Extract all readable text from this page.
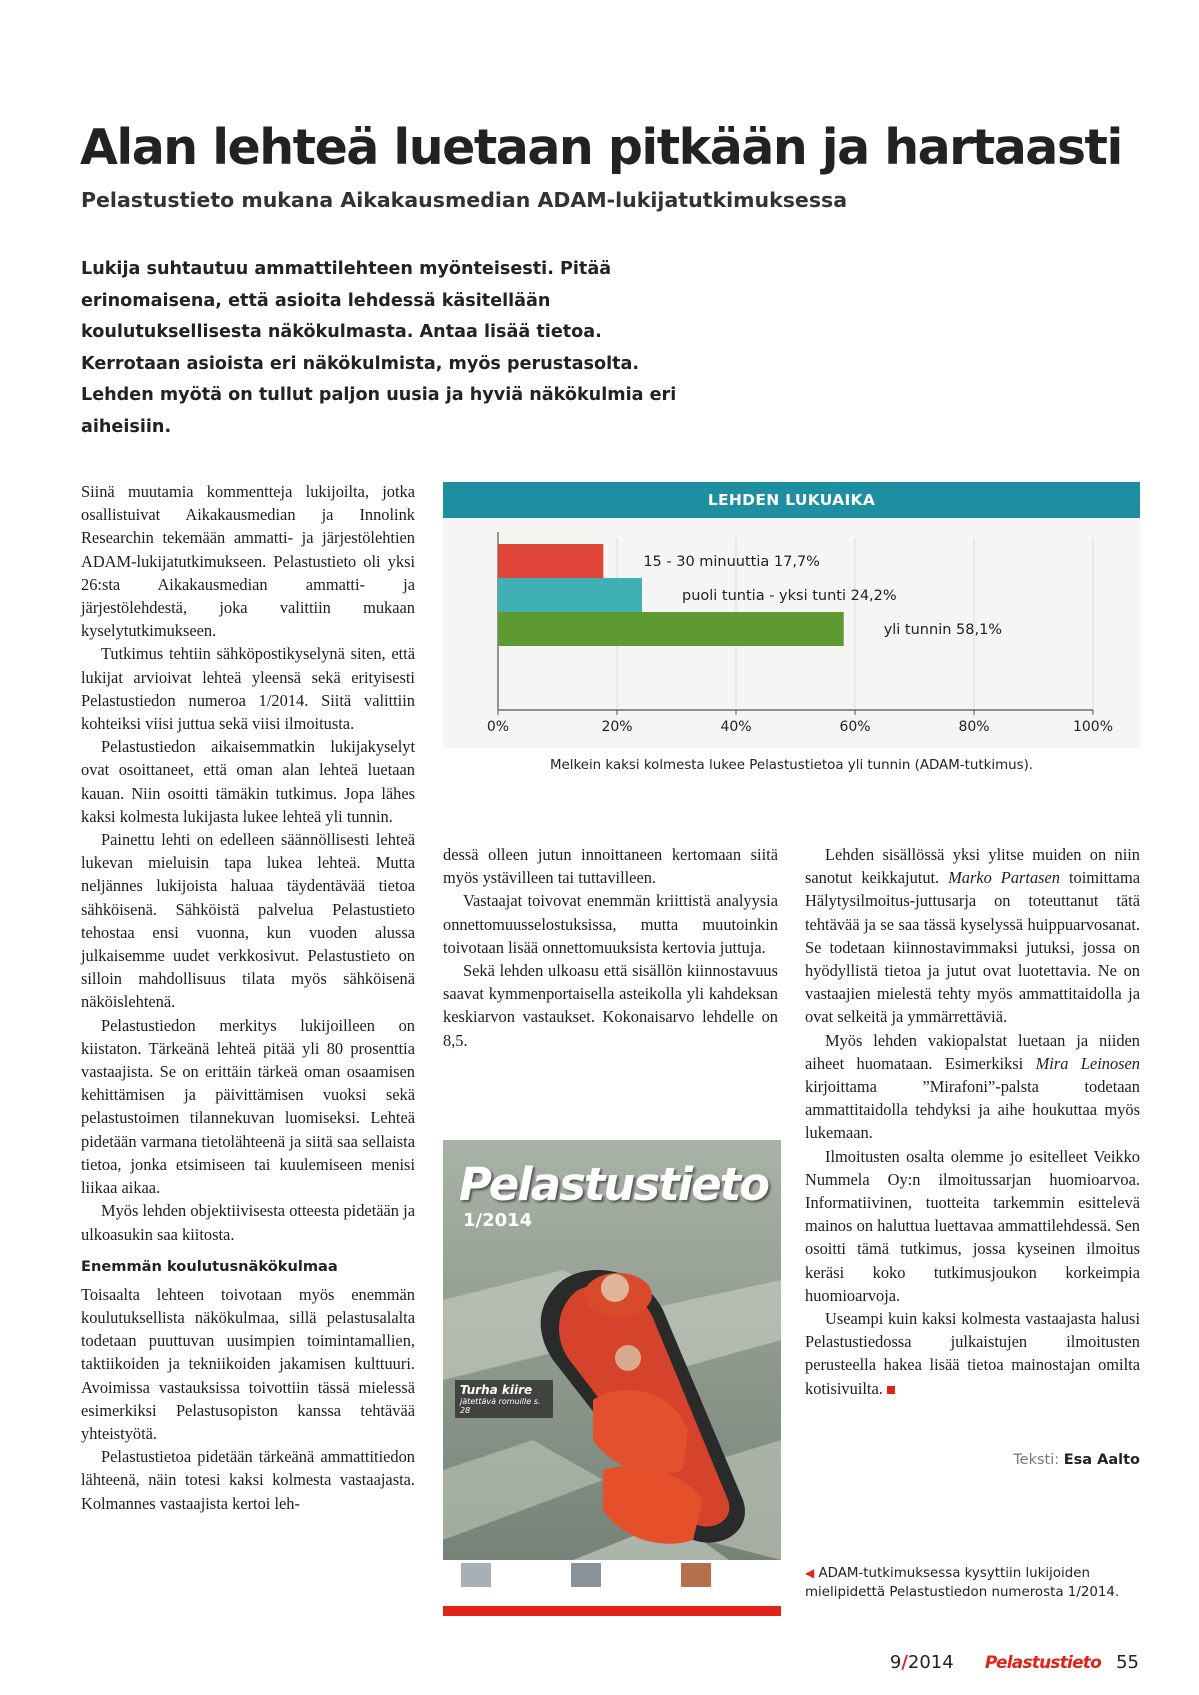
Alan lehteä luetaan pitkään ja hartaasti

Pelastustieto mukana Aikakausmedian ADAM-lukijatutkimuksessa

Lukija suhtautuu ammattilehteen myönteisesti. Pitää erinomaisena, että asioita lehdessä käsitellään koulutuksellisesta näkökulmasta. Antaa lisää tietoa. Kerrotaan asioista eri näkökulmista, myös perustasolta. Lehden myötä on tullut paljon uusia ja hyviä näkökulmia eri aiheisiin.

Siinä muutamia kommentteja lukijoilta, jotka osallistuivat Aikakausmedian ja Innolink Researchin tekemään ammatti- ja järjestölehtien ADAM-lukijatutkimukseen. Pelastustieto oli yksi 26:sta Aikakausmedian ammatti- ja järjestölehdestä, joka valittiin mukaan kyselytutkimukseen.

Tutkimus tehtiin sähköpostikyselynä siten, että lukijat arvioivat lehteä yleensä sekä erityisesti Pelastustiedon numeroa 1/2014. Siitä valittiin kohteiksi viisi juttua sekä viisi ilmoitusta.

Pelastustiedon aikaisemmatkin lukijakyselyt ovat osoittaneet, että oman alan lehteä luetaan kauan. Niin osoitti tämäkin tutkimus. Jopa lähes kaksi kolmesta lukijasta lukee lehteä yli tunnin.

Painettu lehti on edelleen säännöllisesti lehteä lukevan mieluisin tapa lukea lehteä. Mutta neljännes lukijoista haluaa täydentävää tietoa sähköisenä. Sähköistä palvelua Pelastustieto tehostaa ensi vuonna, kun vuoden alussa julkaisemme uudet verkkosivut. Pelastustieto on silloin mahdollisuus tilata myös sähköisenä näköislehtenä.

Pelastustiedon merkitys lukijoilleen on kiistaton. Tärkeänä lehteä pitää yli 80 prosenttia vastaajista. Se on erittäin tärkeä oman osaamisen kehittämisen ja päivittämisen vuoksi sekä pelastustoimen tilannekuvan luomiseksi. Lehteä pidetään varmana tietolähteenä ja siitä saa sellaista tietoa, jonka etsimiseen tai kuulemiseen menisi liikaa aikaa.

Myös lehden objektiivisesta otteesta pidetään ja ulkoasukin saa kiitosta.

Enemmän koulutusnäkökulmaa

Toisaalta lehteen toivotaan myös enemmän koulutuksellista näkökulmaa, sillä pelastusalalta todetaan puuttuvan uusimpien toimintamallien, taktiikoiden ja tekniikoiden jakamisen kulttuuri. Avoimissa vastauksissa toivottiin tässä mielessä esimerkiksi Pelastusopiston kanssa tehtävää yhteistyötä.

Pelastustietoa pidetään tärkeänä ammattitiedon lähteenä, näin totesi kaksi kolmesta vastaajasta. Kolmannes vastaajista kertoi leh-

LEHDEN LUKUAIKA
0%	20%	40%	60%	80%	100%
15 - 30 minuuttia 17,7%
puoli tuntia - yksi tunti 24,2%
yli tunnin 58,1%

Melkein kaksi kolmesta lukee Pelastustietoa yli tunnin (ADAM-tutkimus).

dessä olleen jutun innoittaneen kertomaan siitä myös ystävilleen tai tuttavilleen.

Vastaajat toivovat enemmän kriittistä analyysia onnettomuusselostuksissa, mutta muutoinkin toivotaan lisää onnettomuuksista kertovia juttuja.

Sekä lehden ulkoasu että sisällön kiinnostavuus saavat kymmenportaisella asteikolla yli kahdeksan keskiarvon vastaukset. Kokonaisarvo lehdelle on 8,5.

Lehden sisällössä yksi ylitse muiden on niin sanotut keikkajutut. Marko Partasen toimittama Hälytysilmoitus-juttusarja on toteuttanut tätä tehtävää ja se saa tässä kyselyssä huippuarvosanat. Se todetaan kiinnostavimmaksi jutuksi, jossa on hyödyllistä tietoa ja jutut ovat luotettavia. Ne on vastaajien mielestä tehty myös ammattitaidolla ja ovat selkeitä ja ymmärrettäviä.

Myös lehden vakiopalstat luetaan ja niiden aiheet huomataan. Esimerkiksi Mira Leinosen kirjoittama ”Mirafoni”-palsta todetaan ammattitaidolla tehdyksi ja aihe houkuttaa myös lukemaan.

Ilmoitusten osalta olemme jo esitelleet Veikko Nummela Oy:n ilmoitussarjan huomioarvoa. Informatiivinen, tuotteita tarkemmin esittelevä mainos on haluttua luettavaa ammattilehdessä. Sen osoitti tämä tutkimus, jossa kyseinen ilmoitus keräsi koko tutkimusjoukon korkeimpia huomioarvoja.

Useampi kuin kaksi kolmesta vastaajasta halusi Pelastustiedossa julkaistujen ilmoitusten perusteella hakea lisää tietoa mainostajan omilta kotisivuilta.

Teksti: Esa Aalto
Pelastustieto
1/2014
Turha kiire
jätettävä romuille s. 28
◀ ADAM-tutkimuksessa kysyttiin lukijoiden mielipidettä Pelastustiedon numerosta 1/2014.
9/2014 Pelastustieto 55
